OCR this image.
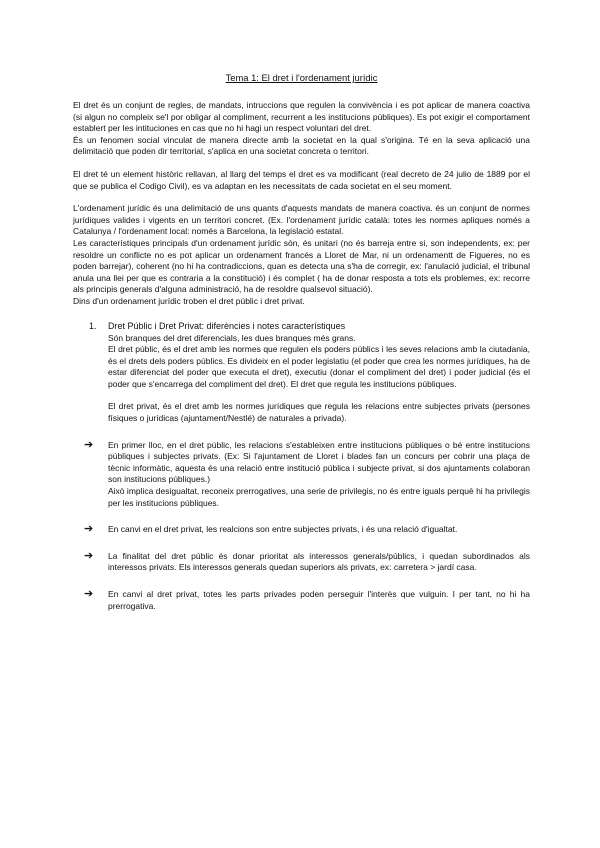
Tema 1: El dret i l'ordenament jurídic

El dret és un conjunt de regles, de mandats, intruccions que regulen la convivència i es pot aplicar de manera coactiva (si algun no compleix se'l por obligar al compliment, recurrent a les institucions públiques). Es pot exigir el comportament establert per les intituciones en cas que no hi hagi un respect voluntari del dret.

És un fenomen social vinculat de manera directe amb la societat en la qual s'origina. Té en la seva aplicació una delimitació que poden dir territorial, s'aplica en una societat concreta o territori.

El dret té un element històric rellavan, al llarg del temps el dret es va modificant (real decreto de 24 julio de 1889 por el que se publica el Codigo Civil), es va adaptan en les necessitats de cada societat en el seu moment.

L'ordenament jurídic és una delimitació de uns quants d'aquests mandats de manera coactiva. és un conjunt de normes jurídiques valides i vigents en un territori concret. (Ex. l'ordenament jurídic català: totes les normes apliques només a Catalunya / l'ordenament local: només a Barcelona, la legislació estatal.

Les característiques principals d'un ordenament jurídic són, és unitari (no és barreja entre si, son independents, ex: per resoldre un conflicte no es pot aplicar un ordenament francés a Lloret de Mar, ni un ordenamentt de Figueres, no es poden barrejar), coherent (no hi ha contradiccions, quan es detecta una s'ha de corregir, ex: l'anulació judicial, el tribunal anula una llei per que es contraria a la constitució) i és complet ( ha de donar resposta a tots els problemes, ex: recorre als principis generals d'alguna administració, ha de resoldre qualsevol situació).

Dins d'un ordenament jurídic troben el dret públic i dret privat.

1. Dret Públic i Dret Privat: diferències i notes característiques

Són branques del dret diferencials, les dues branques més grans.

El dret públic, és el dret amb les normes que regulen els poders públics i les seves relacions amb la ciutadania, és el drets dels poders públics. Es divideix en el poder legislatiu (el poder que crea les normes jurídiques, ha de estar diferenciat del poder que executa el dret), executiu (donar el compliment del dret) i poder judicial (és el poder que s'encarrega del compliment del dret). El dret que regula les institucions públiques.

El dret privat, és el dret amb les normes jurídiques que regula les relacions entre subjectes privats (persones físiques o jurídicas (ajuntament/Nestlé) de naturales a privada).

➔ En primer lloc, en el dret públic, les relacions s'estableixen entre institucions públiques o bé entre institucions públiques i subjectes privats. (Ex: Si l'ajuntament de Lloret i blades fan un concurs per cobrir una plaça de tècnic informàtic, aquesta és una relació entre institució pública i subjecte privat, si dos ajuntaments colaboran son institucions públiques.)

Això implica desigualtat, reconeix prerrogatives, una serie de privilegis, no és entre iguals perquè hi ha privilegis per les institucions públiques.

➔ En canvi en el dret privat, les realcions son entre subjectes privats, i és una relació d'igualtat.

➔ La finalitat del dret públic és donar prioritat als interessos generals/públics, i quedan subordinados als interessos privats. Els interessos generals quedan superiors als privats, ex: carretera > jardí casa.

➔ En canvi al dret privat, totes les parts privades poden perseguir l'interès que vulguin. I per tant, no hi ha prerrogativa.
